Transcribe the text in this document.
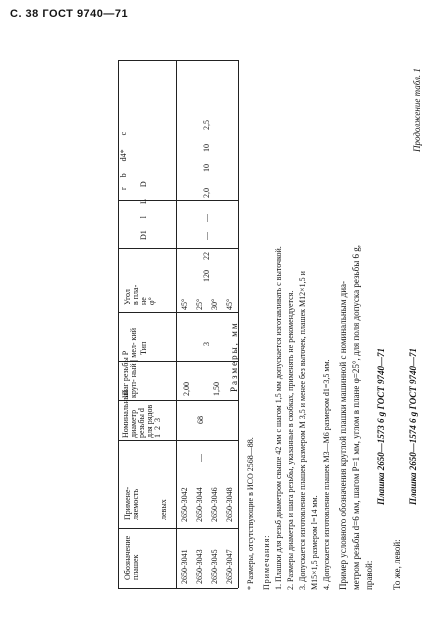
С. 38 ГОСТ 9740—71
Продолжение табл. 1
Размеры, мм
r     b      d4*       c
D1      l      L      D
Угол в пла- не φ°
Тип
Шаг резьбы P круп- ный | мел- кий
Номинальный диаметр резьбы d для рядов 1  2  3
Примене- ляемость левых
Обозначение плашек	2650-3041 2650-3043 2650-3045 2650-3047
2650-3042 2650-3044 2650-3046 2650-3048
—
68
2,00	1,50
3
45° 25° 30° 45°
120
22
—
—
2,0
10
10
2,5
* Размеры, отсутствующие в ИСО 2568—88. Примечания: 1. Плашки для резьб диаметром свыше 42 мм с шагом 1,5 мм допускается изготавливать с выточкой. 2. Размеры диаметра и шага резьбы, указанные в скобках, применять не рекомендуется. 3. Допускается изготовление плашек размером M 3,5 и менее без выточек, плашек M12×1,5 и M15×1,5 размером l=14 мм. 4. Допускается изготовление плашек M3—M6 размером d1=3,5 мм. Пример условного обозначения круглой плашки машинной с номинальным диа- метром резьбы d=6 мм, шагом P=1 мм, углом в плане φ=25°, для поля допуска резьбы 6 g, правой:
Плашка 2650—1573 6 g ГОСТ 9740—71
То же, левой:
Плашка 2650—1574 6 g ГОСТ 9740—71
